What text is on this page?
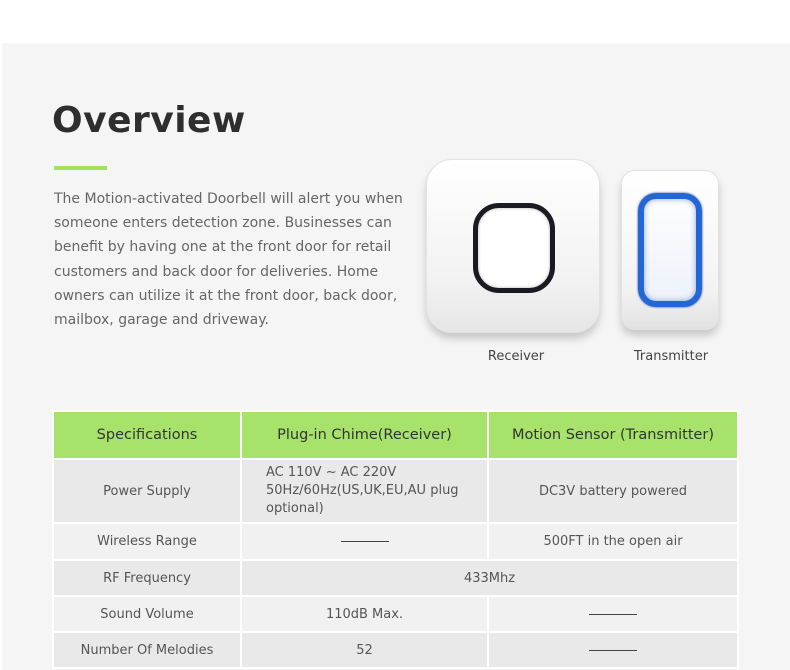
Overview

The Motion-activated Doorbell will alert you when someone enters detection zone. Businesses can benefit by having one at the front door for retail customers and back door for deliveries. Home owners can utilize it at the front door, back door, mailbox, garage and driveway.

Receiver	Transmitter
Specifications	Plug-in Chime(Receiver)	Motion Sensor (Transmitter)
Power Supply	AC 110V ~ AC 220V 50Hz/60Hz(US,UK,EU,AU plug optional)	DC3V battery powered
Wireless Range		500FT in the open air
RF Frequency	433Mhz	
Sound Volume	110dB Max.	
Number Of Melodies	52	
